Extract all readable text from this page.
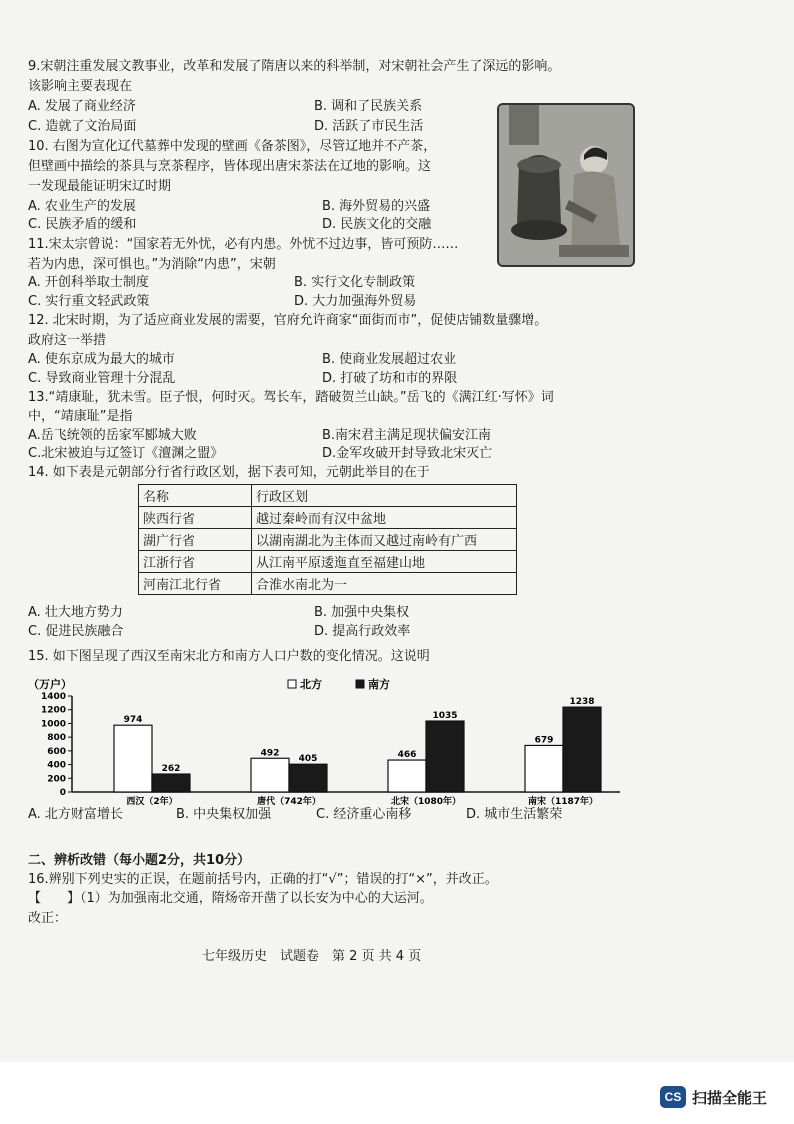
9.宋朝注重发展文教事业，改革和发展了隋唐以来的科举制，对宋朝社会产生了深远的影响。
该影响主要表现在
A. 发展了商业经济	B. 调和了民族关系
C. 造就了文治局面	D. 活跃了市民生活
10. 右图为宣化辽代墓葬中发现的壁画《备茶图》，尽管辽地并不产茶，
但壁画中描绘的茶具与烹茶程序，皆体现出唐宋茶法在辽地的影响。这
一发现最能证明宋辽时期
A. 农业生产的发展	B. 海外贸易的兴盛
C. 民族矛盾的缓和	D. 民族文化的交融
11.宋太宗曾说：“国家若无外忧，必有内患。外忧不过边事，皆可预防……
若为内患，深可惧也。”为消除“内患”，宋朝
A. 开创科举取士制度	B. 实行文化专制政策
C. 实行重文轻武政策	D. 大力加强海外贸易
12. 北宋时期，为了适应商业发展的需要，官府允许商家“面街而市”，促使店铺数量骤增。
政府这一举措
A. 使东京成为最大的城市	B. 使商业发展超过农业
C. 导致商业管理十分混乱	D. 打破了坊和市的界限
13.“靖康耻，犹未雪。臣子恨，何时灭。驾长车，踏破贺兰山缺。”岳飞的《满江红·写怀》词
中，“靖康耻”是指
A.岳飞统领的岳家军郾城大败	B.南宋君主满足现状偏安江南
C.北宋被迫与辽签订《澶渊之盟》	D.金军攻破开封导致北宋灭亡
14. 如下表是元朝部分行省行政区划，据下表可知，元朝此举目的在于
名称	行政区划
陕西行省	越过秦岭而有汉中盆地
湖广行省	以湖南湖北为主体而又越过南岭有广西
江浙行省	从江南平原逶迤直至福建山地
河南江北行省	合淮水南北为一
A. 壮大地方势力	B. 加强中央集权
C. 促进民族融合	D. 提高行政效率
15. 如下图呈现了西汉至南宋北方和南方人口户数的变化情况。这说明
（万户）	北方	南方
0
200
400
600
800
1000
1200
1400
974
262
西汉（2年）
492
405
唐代（742年）
466
1035
北宋（1080年）
679
1238
南宋（1187年）
A. 北方财富增长	B. 中央集权加强	C. 经济重心南移	D. 城市生活繁荣
二、辨析改错（每小题2分，共10分）
16.辨别下列史实的正误，在题前括号内，正确的打“√”；错误的打“×”，并改正。
【　　】（1）为加强南北交通，隋炀帝开凿了以长安为中心的大运河。
改正：
七年级历史　试题卷　第 2 页 共 4 页
CS 扫描全能王
